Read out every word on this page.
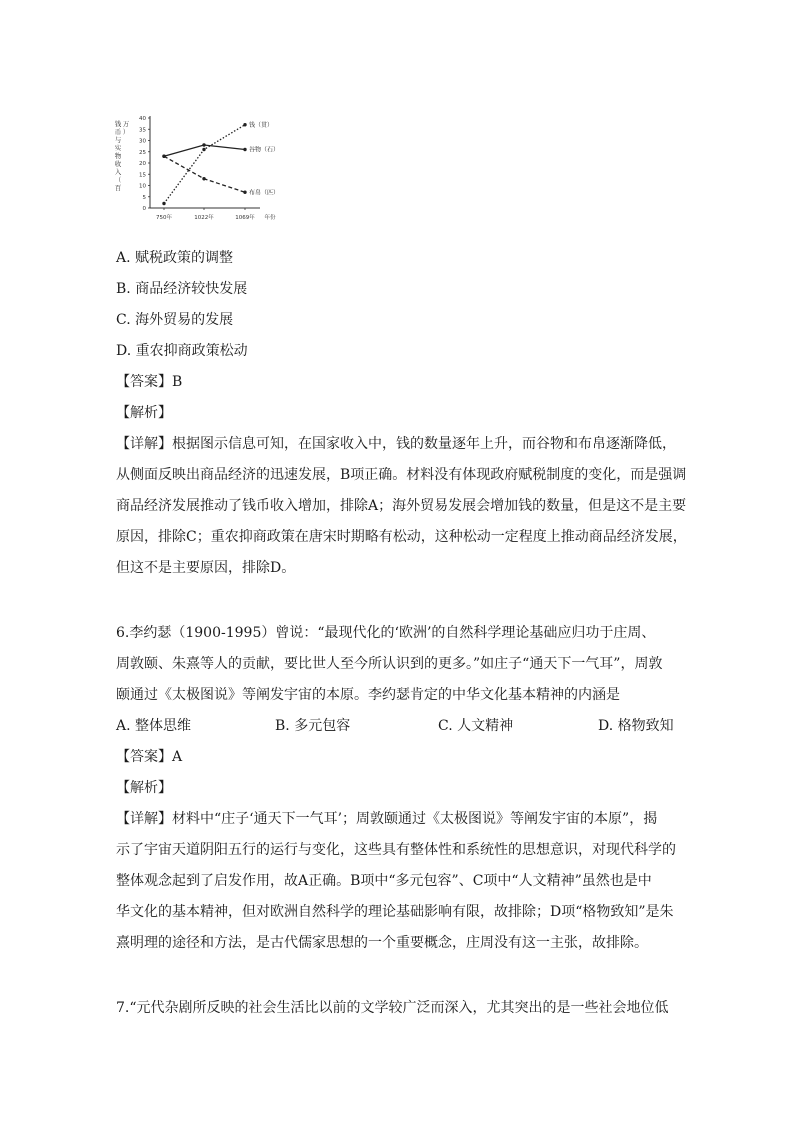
0
5
10
15
20
25
30
35
40
750年	1022年	1069年 年份
钱
币
与
实
物
收
入
（
百
万
）
钱（贯）
谷物（石）
布帛（匹）
A. 赋税政策的调整
B. 商品经济较快发展
C. 海外贸易的发展
D. 重农抑商政策松动
【答案】B
【解析】
【详解】根据图示信息可知，在国家收入中，钱的数量逐年上升，而谷物和布帛逐渐降低，
从侧面反映出商品经济的迅速发展，B项正确。材料没有体现政府赋税制度的变化，而是强调
商品经济发展推动了钱币收入增加，排除A；海外贸易发展会增加钱的数量，但是这不是主要
原因，排除C；重农抑商政策在唐宋时期略有松动，这种松动一定程度上推动商品经济发展，
但这不是主要原因，排除D。
6.李约瑟（1900-1995）曾说：“最现代化的‘欧洲’的自然科学理论基础应归功于庄周、
周敦颐、朱熹等人的贡献，要比世人至今所认识到的更多。”如庄子“通天下一气耳”，周敦
颐通过《太极图说》等阐发宇宙的本原。李约瑟肯定的中华文化基本精神的内涵是
A. 整体思维	B. 多元包容	C. 人文精神	D. 格物致知
【答案】A
【解析】
【详解】材料中“庄子‘通天下一气耳’；周敦颐通过《太极图说》等阐发宇宙的本原”，揭
示了宇宙天道阴阳五行的运行与变化，这些具有整体性和系统性的思想意识，对现代科学的
整体观念起到了启发作用，故A正确。B项中“多元包容”、C项中“人文精神”虽然也是中
华文化的基本精神，但对欧洲自然科学的理论基础影响有限，故排除；D项“格物致知”是朱
熹明理的途径和方法，是古代儒家思想的一个重要概念，庄周没有这一主张，故排除。
7.“元代杂剧所反映的社会生活比以前的文学较广泛而深入，尤其突出的是一些社会地位低
